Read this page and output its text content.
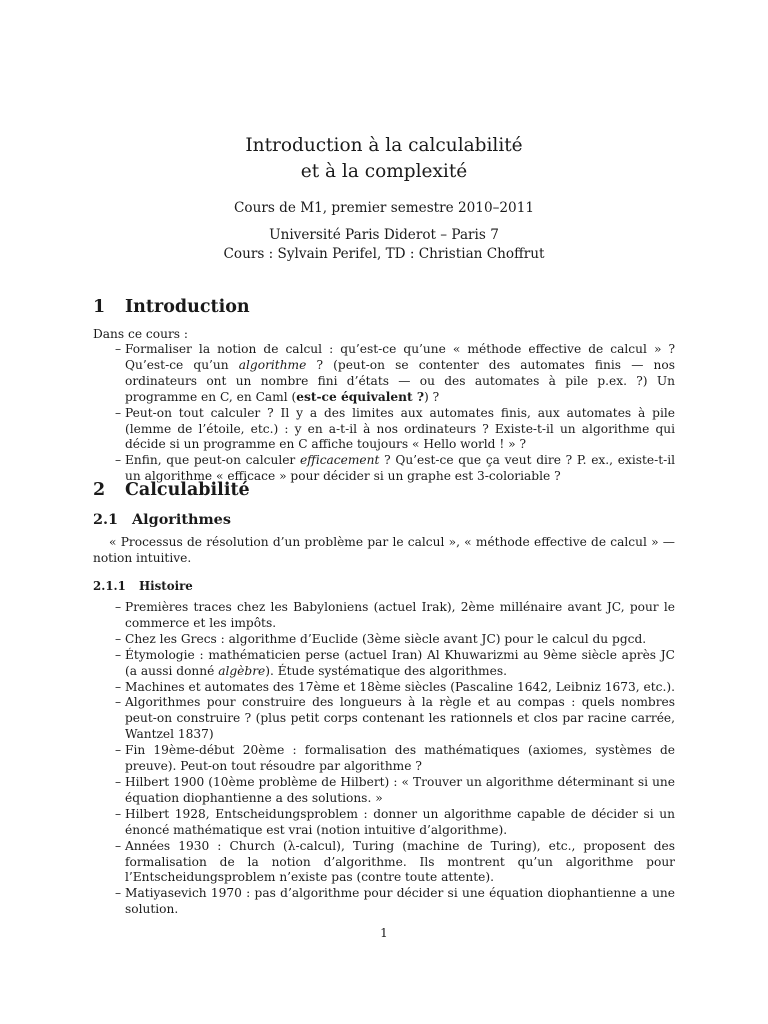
Introduction à la calculabilité
et à la complexité
Cours de M1, premier semestre 2010–2011
Université Paris Diderot – Paris 7
Cours : Sylvain Perifel, TD : Christian Choffrut
1 Introduction
Dans ce cours :
– Formaliser la notion de calcul : qu’est-ce qu’une « méthode effective de calcul » ? Qu’est-ce qu’un algorithme ? (peut-on se contenter des automates finis — nos ordinateurs ont un nombre fini d’états — ou des automates à pile p.ex. ?) Un programme en C, en Caml (est-ce équivalent ?) ?
– Peut-on tout calculer ? Il y a des limites aux automates finis, aux automates à pile (lemme de l’étoile, etc.) : y en a-t-il à nos ordinateurs ? Existe-t-il un algorithme qui décide si un programme en C affiche toujours « Hello world ! » ?
– Enfin, que peut-on calculer efficacement ? Qu’est-ce que ça veut dire ? P. ex., existe-t-il un algorithme « efficace » pour décider si un graphe est 3-coloriable ?
2 Calculabilité
2.1 Algorithmes
« Processus de résolution d’un problème par le calcul », « méthode effective de calcul » — notion intuitive.
2.1.1 Histoire
– Premières traces chez les Babyloniens (actuel Irak), 2ème millénaire avant JC, pour le commerce et les impôts.
– Chez les Grecs : algorithme d’Euclide (3ème siècle avant JC) pour le calcul du pgcd.
– Étymologie : mathématicien perse (actuel Iran) Al Khuwarizmi au 9ème siècle après JC (a aussi donné algèbre). Étude systématique des algorithmes.
– Machines et automates des 17ème et 18ème siècles (Pascaline 1642, Leibniz 1673, etc.).
– Algorithmes pour construire des longueurs à la règle et au compas : quels nombres peut-on construire ? (plus petit corps contenant les rationnels et clos par racine carrée, Wantzel 1837)
– Fin 19ème-début 20ème : formalisation des mathématiques (axiomes, systèmes de preuve). Peut-on tout résoudre par algorithme ?
– Hilbert 1900 (10ème problème de Hilbert) : « Trouver un algorithme déterminant si une équation diophantienne a des solutions. »
– Hilbert 1928, Entscheidungsproblem : donner un algorithme capable de décider si un énoncé mathématique est vrai (notion intuitive d’algorithme).
– Années 1930 : Church (λ-calcul), Turing (machine de Turing), etc., proposent des formalisation de la notion d’algorithme. Ils montrent qu’un algorithme pour l’Entscheidungsproblem n’existe pas (contre toute attente).
– Matiyasevich 1970 : pas d’algorithme pour décider si une équation diophantienne a une solution.
1
